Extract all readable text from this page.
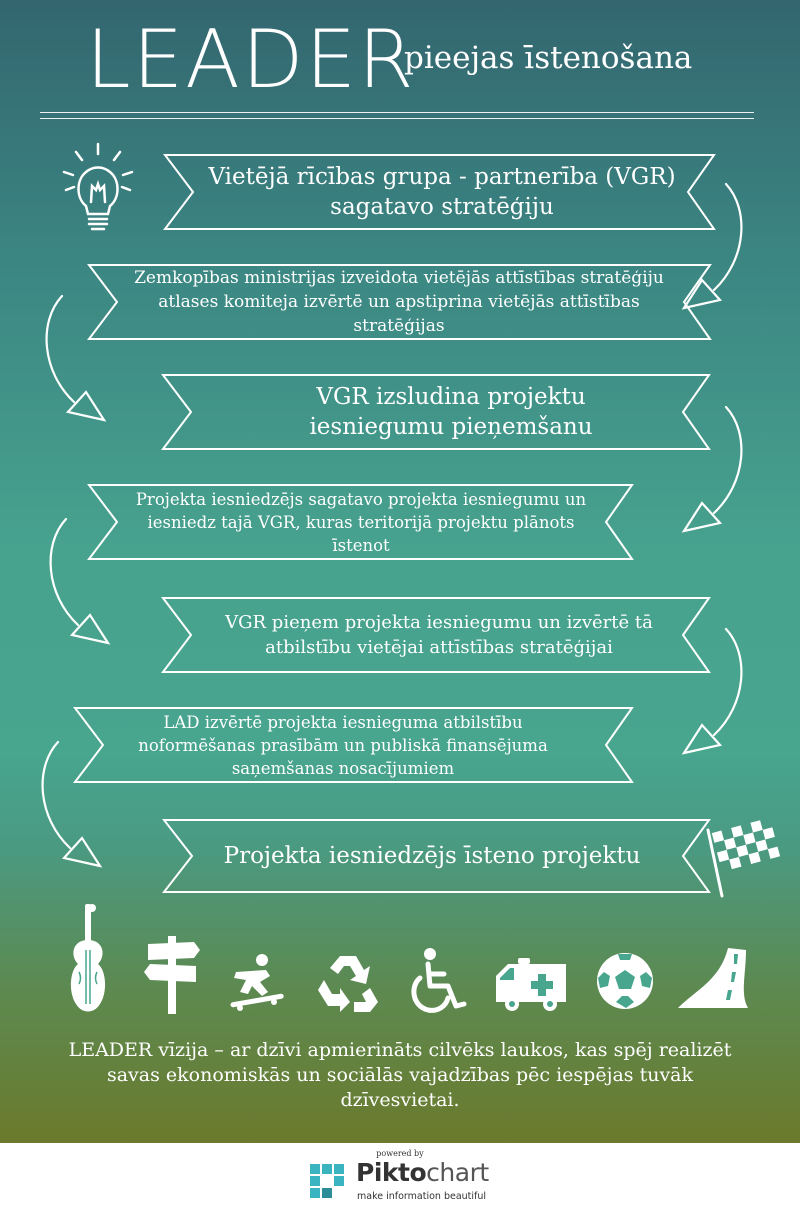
LEADER
pieejas īstenošana
Vietējā rīcības grupa - partnerība (VGR) sagatavo stratēģiju
Zemkopības ministrijas izveidota vietējās attīstības stratēģiju atlases komiteja izvērtē un apstiprina vietējās attīstības stratēģijas
VGR izsludina projektu iesniegumu pieņemšanu
Projekta iesniedzējs sagatavo projekta iesniegumu un iesniedz tajā VGR, kuras teritorijā projektu plānots īstenot
VGR pieņem projekta iesniegumu un izvērtē tā atbilstību vietējai attīstības stratēģijai
LAD izvērtē projekta iesnieguma atbilstību noformēšanas prasībām un publiskā finansējuma saņemšanas nosacījumiem
Projekta iesniedzējs īsteno projektu
LEADER vīzija – ar dzīvi apmierināts cilvēks laukos, kas spēj realizēt savas ekonomiskās un sociālās vajadzības pēc iespējas tuvāk dzīvesvietai.
powered by
Piktochart
make information beautiful
